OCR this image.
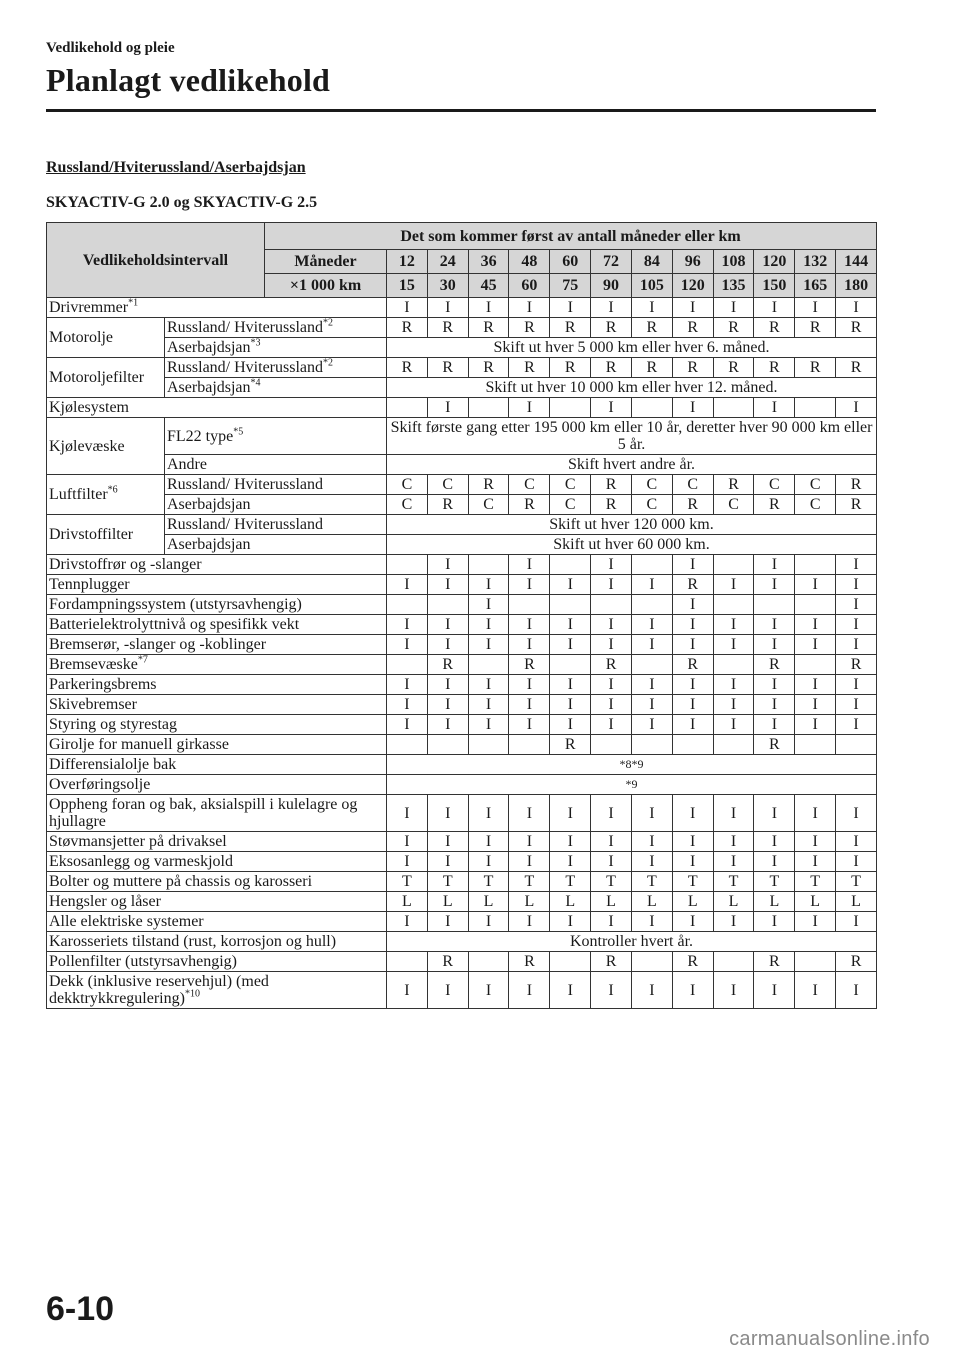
Vedlikehold og pleie
Planlagt vedlikehold
Russland/Hviterussland/Aserbajdsjan
SKYACTIV-G 2.0 og SKYACTIV-G 2.5
Vedlikeholdsintervall		Det som kommer først av antall måneder eller km												
		Måneder	12	24	36	48	60	72	84	96	108	120	132	144
		×1 000 km	15	30	45	60	75	90	105	120	135	150	165	180
Drivremmer$^{*1}$			I	I	I	I	I	I	I	I	I	I	I	I
Motorolje	Russland/ Hviterussland$^{*2}$		R	R	R	R	R	R	R	R	R	R	R	R
	Aserbajdsjan$^{*3}$		Skift ut hver 5 000 km eller hver 6. måned.											
Motoroljefilter	Russland/ Hviterussland$^{*2}$		R	R	R	R	R	R	R	R	R	R	R	R
	Aserbajdsjan$^{*4}$		Skift ut hver 10 000 km eller hver 12. måned.											
Kjølesystem				I		I		I		I		I		I
Kjølevæske	FL22 type$^{*5}$		Skift første gang etter 195 000 km eller 10 år, deretter hver 90 000 km eller 5 år.											
	Andre		Skift hvert andre år.											
Luftfilter$^{*6}$	Russland/ Hviterussland		C	C	R	C	C	R	C	C	R	C	C	R
	Aserbajdsjan		C	R	C	R	C	R	C	R	C	R	C	R
Drivstoffilter	Russland/ Hviterussland		Skift ut hver 120 000 km.											
	Aserbajdsjan		Skift ut hver 60 000 km.											
Drivstoffrør og -slanger				I		I		I		I		I		I
Tennplugger			I	I	I	I	I	I	I	R	I	I	I	I
Fordampningssystem (utstyrsavhengig)					I					I				I
Batterielektrolyttnivå og spesifikk vekt			I	I	I	I	I	I	I	I	I	I	I	I
Bremserør, -slanger og -koblinger			I	I	I	I	I	I	I	I	I	I	I	I
Bremsevæske$^{*7}$				R		R		R		R		R		R
Parkeringsbrems			I	I	I	I	I	I	I	I	I	I	I	I
Skivebremser			I	I	I	I	I	I	I	I	I	I	I	I
Styring og styrestag			I	I	I	I	I	I	I	I	I	I	I	I
Girolje for manuell girkasse							R					R		
Differensialolje bak			*8*9											
Overføringsolje			*9											
Oppheng foran og bak, aksialspill i kulelagre og hjullagre			I	I	I	I	I	I	I	I	I	I	I	I
Støvmansjetter på drivaksel			I	I	I	I	I	I	I	I	I	I	I	I
Eksosanlegg og varmeskjold			I	I	I	I	I	I	I	I	I	I	I	I
Bolter og muttere på chassis og karosseri			T	T	T	T	T	T	T	T	T	T	T	T
Hengsler og låser			L	L	L	L	L	L	L	L	L	L	L	L
Alle elektriske systemer			I	I	I	I	I	I	I	I	I	I	I	I
Karosseriets tilstand (rust, korrosjon og hull)			Kontroller hvert år.											
Pollenfilter (utstyrsavhengig)				R		R		R		R		R		R
Dekk (inklusive reservehjul) (med dekktrykkregulering)$^{*10}$			I	I	I	I	I	I	I	I	I	I	I	I
6-10
carmanualsonline.info
